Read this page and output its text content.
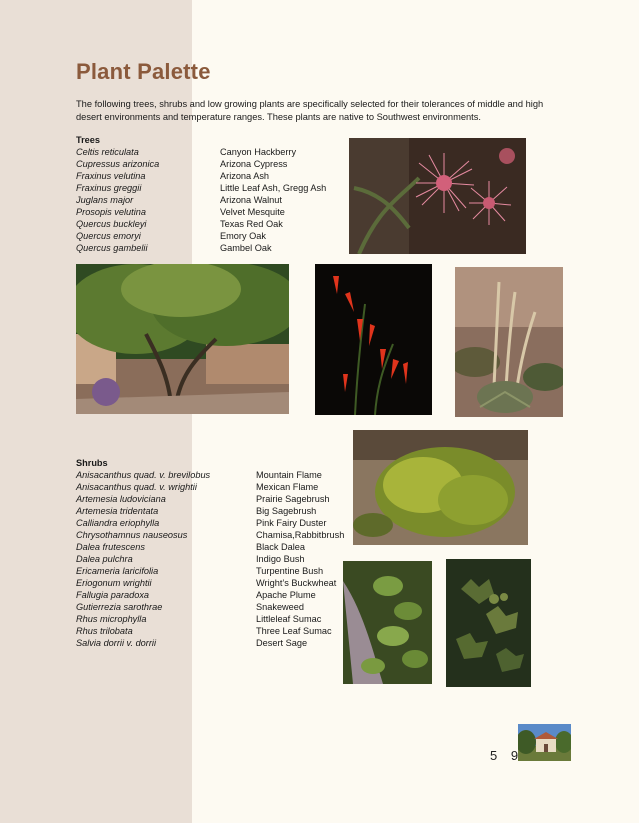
Plant Palette

The following trees, shrubs and low growing plants are specifically selected for their tolerances of middle and high desert environments and temperature ranges. These plants are native to Southwest environments.

Trees
Celtis reticulata	Canyon Hackberry
Cupressus arizonica	Arizona Cypress
Fraxinus velutina	Arizona Ash
Fraxinus greggii	Little Leaf Ash, Gregg Ash
Juglans major	Arizona Walnut
Prosopis velutina	Velvet Mesquite
Quercus buckleyi	Texas Red Oak
Quercus emoryi	Emory Oak
Quercus gambelii	Gambel Oak
Shrubs
Anisacanthus quad. v. brevilobus	Mountain Flame
Anisacanthus quad. v. wrightii	Mexican Flame
Artemesia ludoviciana	Prairie Sagebrush
Artemesia tridentata	Big Sagebrush
Calliandra eriophylla	Pink Fairy Duster
Chrysothamnus nauseosus	Chamisa,Rabbitbrush
Dalea frutescens	Black Dalea
Dalea pulchra	Indigo Bush
Ericameria laricifolia	Turpentine Bush
Eriogonum wrightii	Wright’s Buckwheat
Fallugia paradoxa	Apache Plume
Gutierrezia sarothrae	Snakeweed
Rhus microphylla	Littleleaf Sumac
Rhus trilobata	Three Leaf Sumac
Salvia dorrii v. dorrii	Desert Sage
5 9
